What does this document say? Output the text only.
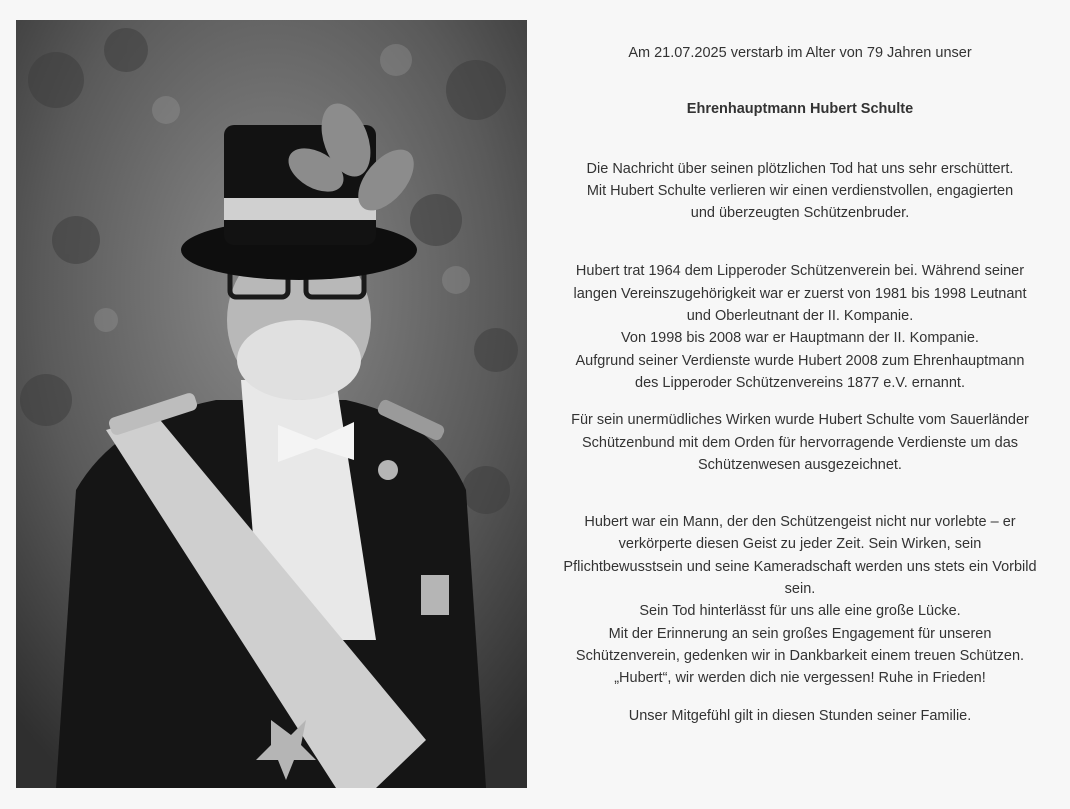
Am 21.07.2025 verstarb im Alter von 79 Jahren unser

Ehrenhauptmann Hubert Schulte

Die Nachricht über seinen plötzlichen Tod hat uns sehr erschüttert.

Mit Hubert Schulte verlieren wir einen verdienstvollen, engagierten

und überzeugten Schützenbruder.

Hubert trat 1964 dem Lipperoder Schützenverein bei. Während seiner

langen Vereinszugehörigkeit war er zuerst von 1981 bis 1998 Leutnant

und Oberleutnant der II. Kompanie.

Von 1998 bis 2008 war er Hauptmann der II. Kompanie.

Aufgrund seiner Verdienste wurde Hubert 2008 zum Ehrenhauptmann

des Lipperoder Schützenvereins 1877 e.V. ernannt.

Für sein unermüdliches Wirken wurde Hubert Schulte vom Sauerländer

Schützenbund mit dem Orden für hervorragende Verdienste um das

Schützenwesen ausgezeichnet.

Hubert war ein Mann, der den Schützengeist nicht nur vorlebte – er

verkörperte diesen Geist zu jeder Zeit. Sein Wirken, sein

Pflichtbewusstsein und seine Kameradschaft werden uns stets ein Vorbild

sein.

Sein Tod hinterlässt für uns alle eine große Lücke.

Mit der Erinnerung an sein großes Engagement für unseren

Schützenverein, gedenken wir in Dankbarkeit einem treuen Schützen.

„Hubert“, wir werden dich nie vergessen! Ruhe in Frieden!

Unser Mitgefühl gilt in diesen Stunden seiner Familie.
